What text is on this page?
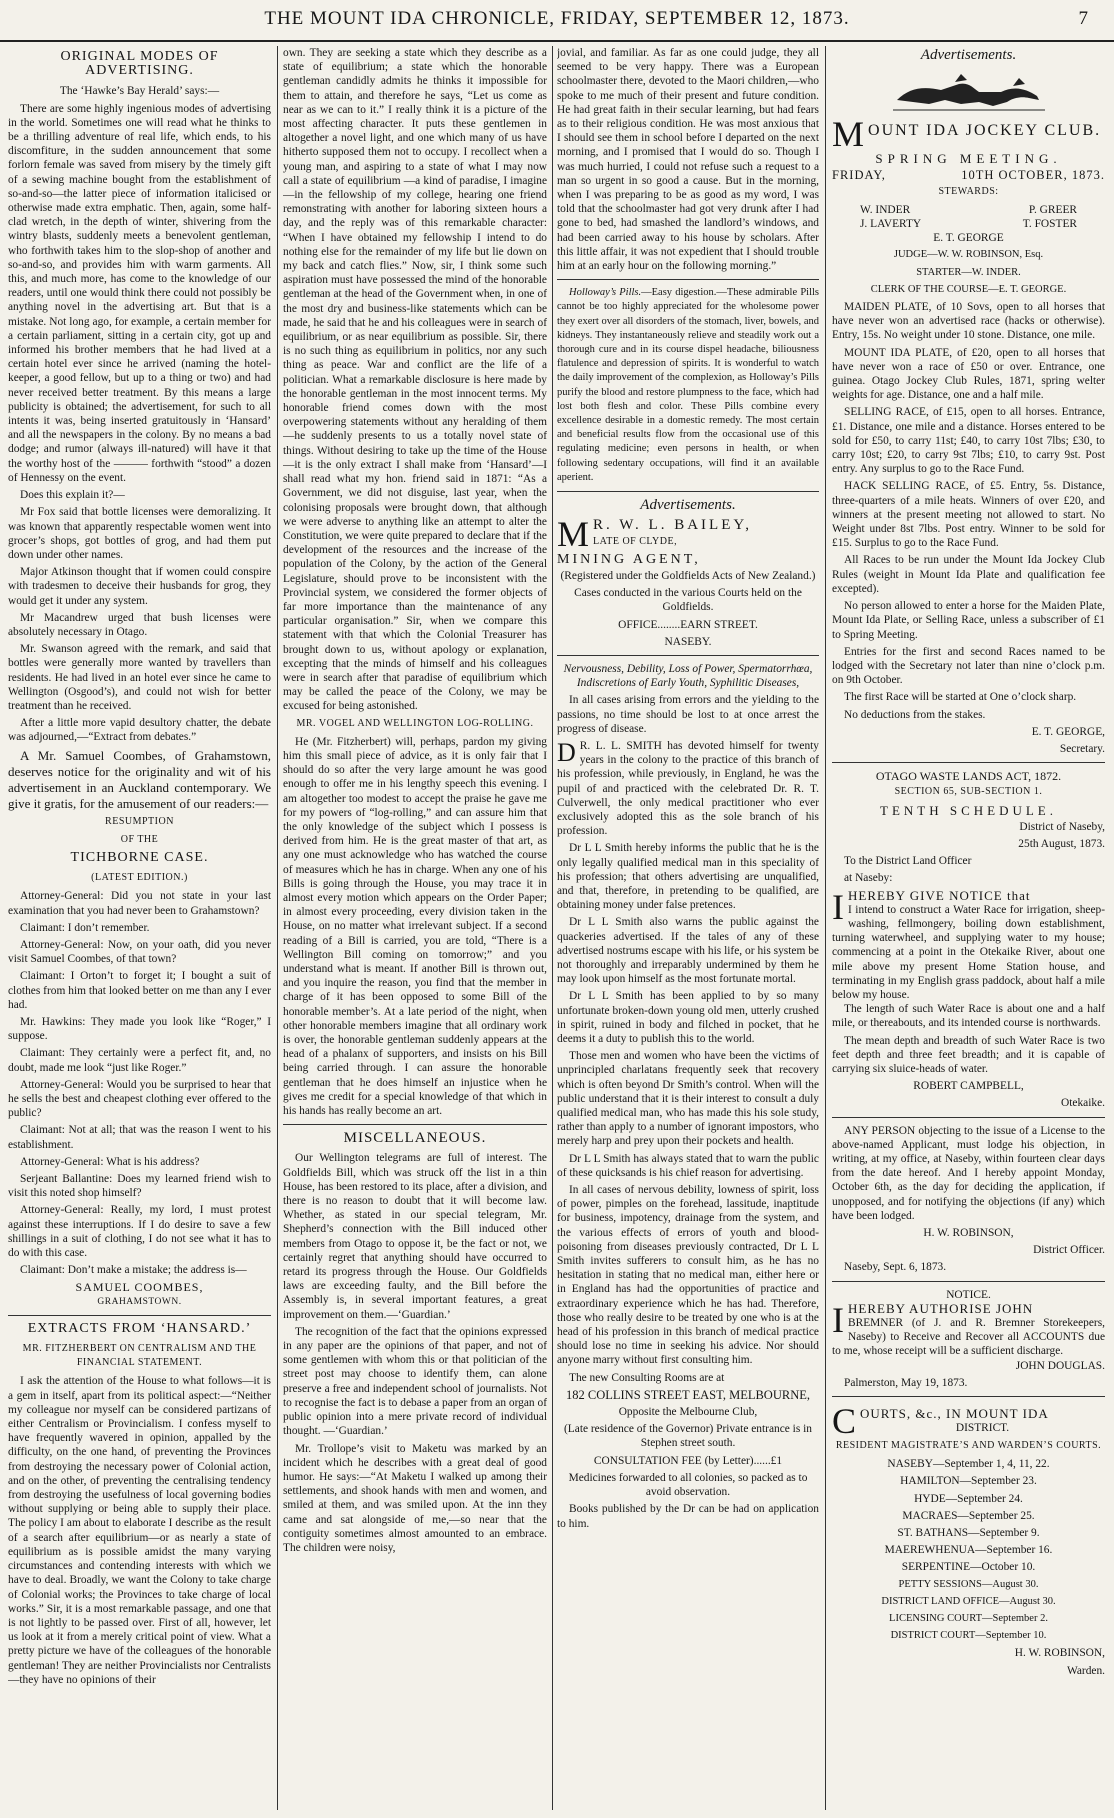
THE MOUNT IDA CHRONICLE, FRIDAY, SEPTEMBER 12, 1873.	7
ORIGINAL MODES OF ADVERTISING.

The ‘Hawke’s Bay Herald’ says:—

There are some highly ingenious modes of advertising in the world. Sometimes one will read what he thinks to be a thrilling adventure of real life, which ends, to his discomfiture, in the sudden announcement that some forlorn female was saved from misery by the timely gift of a sewing machine bought from the establishment of so-and-so—the latter piece of information italicised or otherwise made extra emphatic. Then, again, some half-clad wretch, in the depth of winter, shivering from the wintry blasts, suddenly meets a benevolent gentleman, who forthwith takes him to the slop-shop of another and so-and-so, and provides him with warm garments. All this, and much more, has come to the knowledge of our readers, until one would think there could not possibly be anything novel in the advertising art. But that is a mistake. Not long ago, for example, a certain member for a certain parliament, sitting in a certain city, got up and informed his brother members that he had lived at a certain hotel ever since he arrived (naming the hotel-keeper, a good fellow, but up to a thing or two) and had never received better treatment. By this means a large publicity is obtained; the advertisement, for such to all intents it was, being inserted gratuitously in ‘Hansard’ and all the newspapers in the colony. By no means a bad dodge; and rumor (always ill-natured) will have it that the worthy host of the ——— forthwith “stood” a dozen of Hennessy on the event.

Does this explain it?—

Mr Fox said that bottle licenses were demoralizing. It was known that apparently respectable women went into grocer’s shops, got bottles of grog, and had them put down under other names.

Major Atkinson thought that if women could conspire with tradesmen to deceive their husbands for grog, they would get it under any system.

Mr Macandrew urged that bush licenses were absolutely necessary in Otago.

Mr. Swanson agreed with the remark, and said that bottles were generally more wanted by travellers than residents. He had lived in an hotel ever since he came to Wellington (Osgood’s), and could not wish for better treatment than he received.

After a little more vapid desultory chatter, the debate was adjourned,—“Extract from debates.”

A Mr. Samuel Coombes, of Grahamstown, deserves notice for the originality and wit of his advertisement in an Auckland contemporary. We give it gratis, for the amusement of our readers:—

RESUMPTION
OF THE
TICHBORNE CASE.
(LATEST EDITION.)

Attorney-General: Did you not state in your last examination that you had never been to Grahamstown?

Claimant: I don’t remember.

Attorney-General: Now, on your oath, did you never visit Samuel Coombes, of that town?

Claimant: I Orton’t to forget it; I bought a suit of clothes from him that looked better on me than any I ever had.

Mr. Hawkins: They made you look like “Roger,” I suppose.

Claimant: They certainly were a perfect fit, and, no doubt, made me look “just like Roger.”

Attorney-General: Would you be surprised to hear that he sells the best and cheapest clothing ever offered to the public?

Claimant: Not at all; that was the reason I went to his establishment.

Attorney-General: What is his address?

Serjeant Ballantine: Does my learned friend wish to visit this noted shop himself?

Attorney-General: Really, my lord, I must protest against these interruptions. If I do desire to save a few shillings in a suit of clothing, I do not see what it has to do with this case.

Claimant: Don’t make a mistake; the address is—

SAMUEL COOMBES,
GRAHAMSTOWN.
EXTRACTS FROM ‘HANSARD.’
MR. FITZHERBERT ON CENTRALISM AND THE FINANCIAL STATEMENT.

I ask the attention of the House to what follows—it is a gem in itself, apart from its political aspect:—“Neither my colleague nor myself can be considered partizans of either Centralism or Provincialism. I confess myself to have frequently wavered in opinion, appalled by the difficulty, on the one hand, of preventing the Provinces from destroying the necessary power of Colonial action, and on the other, of preventing the centralising tendency from destroying the usefulness of local governing bodies without supplying or being able to supply their place. The policy I am about to elaborate I describe as the result of a search after equilibrium—or as nearly a state of equilibrium as is possible amidst the many varying circumstances and contending interests with which we have to deal. Broadly, we want the Colony to take charge of Colonial works; the Provinces to take charge of local works.” Sir, it is a most remarkable passage, and one that is not lightly to be passed over. First of all, however, let us look at it from a merely critical point of view. What a pretty picture we have of the colleagues of the honorable gentleman! They are neither Provincialists nor Centralists—they have no opinions of their

own. They are seeking a state which they describe as a state of equilibrium; a state which the honorable gentleman candidly admits he thinks it impossible for them to attain, and therefore he says, “Let us come as near as we can to it.” I really think it is a picture of the most affecting character. It puts these gentlemen in altogether a novel light, and one which many of us have hitherto supposed them not to occupy. I recollect when a young man, and aspiring to a state of what I may now call a state of equilibrium —a kind of paradise, I imagine—in the fellowship of my college, hearing one friend remonstrating with another for laboring sixteen hours a day, and the reply was of this remarkable character: “When I have obtained my fellowship I intend to do nothing else for the remainder of my life but lie down on my back and catch flies.” Now, sir, I think some such aspiration must have possessed the mind of the honorable gentleman at the head of the Government when, in one of the most dry and business-like statements which can be made, he said that he and his colleagues were in search of equilibrium, or as near equilibrium as possible. Sir, there is no such thing as equilibrium in politics, nor any such thing as peace. War and conflict are the life of a politician. What a remarkable disclosure is here made by the honorable gentleman in the most innocent terms. My honorable friend comes down with the most overpowering statements without any heralding of them—he suddenly presents to us a totally novel state of things. Without desiring to take up the time of the House—it is the only extract I shall make from ‘Hansard’—I shall read what my hon. friend said in 1871: “As a Government, we did not disguise, last year, when the colonising proposals were brought down, that although we were adverse to anything like an attempt to alter the Constitution, we were quite prepared to declare that if the development of the resources and the increase of the population of the Colony, by the action of the General Legislature, should prove to be inconsistent with the Provincial system, we considered the former objects of far more importance than the maintenance of any particular organisation.” Sir, when we compare this statement with that which the Colonial Treasurer has brought down to us, without apology or explanation, excepting that the minds of himself and his colleagues were in search after that paradise of equilibrium which may be called the peace of the Colony, we may be excused for being astonished.

MR. VOGEL AND WELLINGTON LOG-ROLLING.

He (Mr. Fitzherbert) will, perhaps, pardon my giving him this small piece of advice, as it is only fair that I should do so after the very large amount he was good enough to offer me in his lengthy speech this evening. I am altogether too modest to accept the praise he gave me for my powers of “log-rolling,” and can assure him that the only knowledge of the subject which I possess is derived from him. He is the great master of that art, as any one must acknowledge who has watched the course of measures which he has in charge. When any one of his Bills is going through the House, you may trace it in almost every motion which appears on the Order Paper; in almost every proceeding, every division taken in the House, on no matter what irrelevant subject. If a second reading of a Bill is carried, you are told, “There is a Wellington Bill coming on tomorrow;” and you understand what is meant. If another Bill is thrown out, and you inquire the reason, you find that the member in charge of it has been opposed to some Bill of the honorable member’s. At a late period of the night, when other honorable members imagine that all ordinary work is over, the honorable gentleman suddenly appears at the head of a phalanx of supporters, and insists on his Bill being carried through. I can assure the honorable gentleman that he does himself an injustice when he gives me credit for a special knowledge of that which in his hands has really become an art.

MISCELLANEOUS.

Our Wellington telegrams are full of interest. The Goldfields Bill, which was struck off the list in a thin House, has been restored to its place, after a division, and there is no reason to doubt that it will become law. Whether, as stated in our special telegram, Mr. Shepherd’s connection with the Bill induced other members from Otago to oppose it, be the fact or not, we certainly regret that anything should have occurred to retard its progress through the House. Our Goldfields laws are exceeding faulty, and the Bill before the Assembly is, in several important features, a great improvement on them.—‘Guardian.’

The recognition of the fact that the opinions expressed in any paper are the opinions of that paper, and not of some gentlemen with whom this or that politician of the street post may choose to identify them, can alone preserve a free and independent school of journalists. Not to recognise the fact is to debase a paper from an organ of public opinion into a mere private record of individual thought. —‘Guardian.’

Mr. Trollope’s visit to Maketu was marked by an incident which he describes with a great deal of good humor. He says:—“At Maketu I walked up among their settlements, and shook hands with men and women, and smiled at them, and was smiled upon. At the inn they came and sat alongside of me,—so near that the contiguity sometimes almost amounted to an embrace. The children were noisy,

jovial, and familiar. As far as one could judge, they all seemed to be very happy. There was a European schoolmaster there, devoted to the Maori children,—who spoke to me much of their present and future condition. He had great faith in their secular learning, but had fears as to their religious condition. He was most anxious that I should see them in school before I departed on the next morning, and I promised that I would do so. Though I was much hurried, I could not refuse such a request to a man so urgent in so good a cause. But in the morning, when I was preparing to be as good as my word, I was told that the schoolmaster had got very drunk after I had gone to bed, had smashed the landlord’s windows, and had been carried away to his house by scholars. After this little affair, it was not expedient that I should trouble him at an early hour on the following morning.”

Holloway’s Pills.—Easy digestion.—These admirable Pills cannot be too highly appreciated for the wholesome power they exert over all disorders of the stomach, liver, bowels, and kidneys. They instantaneously relieve and steadily work out a thorough cure and in its course dispel headache, biliousness flatulence and depression of spirits. It is wonderful to watch the daily improvement of the complexion, as Holloway’s Pills purify the blood and restore plumpness to the face, which had lost both flesh and color. These Pills combine every excellence desirable in a domestic remedy. The most certain and beneficial results flow from the occasional use of this regulating medicine; even persons in health, or when following sedentary occupations, will find it an available aperient.

Advertisements.
M R. W. L. BAILEY,
LATE OF CLYDE,
MINING AGENT,

(Registered under the Goldfields Acts of New Zealand.)

Cases conducted in the various Courts held on the Goldfields.

OFFICE........EARN STREET.

NASEBY.

Nervousness, Debility, Loss of Power, Spermatorrhœa, Indiscretions of Early Youth, Syphilitic Diseases,

In all cases arising from errors and the yielding to the passions, no time should be lost to at once arrest the progress of disease.

D R. L. L. SMITH has devoted himself for twenty years in the colony to the practice of this branch of his profession, while previously, in England, he was the pupil of and practiced with the celebrated Dr. R. T. Culverwell, the only medical practitioner who ever exclusively adopted this as the sole branch of his profession.

Dr L L Smith hereby informs the public that he is the only legally qualified medical man in this speciality of his profession; that others advertising are unqualified, and that, therefore, in pretending to be qualified, are obtaining money under false pretences.

Dr L L Smith also warns the public against the quackeries advertised. If the tales of any of these advertised nostrums escape with his life, or his system be not thoroughly and irreparably undermined by them he may look upon himself as the most fortunate mortal.

Dr L L Smith has been applied to by so many unfortunate broken-down young old men, utterly crushed in spirit, ruined in body and filched in pocket, that he deems it a duty to publish this to the world.

Those men and women who have been the victims of unprincipled charlatans frequently seek that recovery which is often beyond Dr Smith’s control. When will the public understand that it is their interest to consult a duly qualified medical man, who has made this his sole study, rather than apply to a number of ignorant impostors, who merely harp and prey upon their pockets and health.

Dr L L Smith has always stated that to warn the public of these quicksands is his chief reason for advertising.

In all cases of nervous debility, lowness of spirit, loss of power, pimples on the forehead, lassitude, inaptitude for business, impotency, drainage from the system, and the various effects of errors of youth and blood-poisoning from diseases previously contracted, Dr L L Smith invites sufferers to consult him, as he has no hesitation in stating that no medical man, either here or in England has had the opportunities of practice and extraordinary experience which he has had. Therefore, those who really desire to be treated by one who is at the head of his profession in this branch of medical practice should lose no time in seeking his advice. Nor should anyone marry without first consulting him.

The new Consulting Rooms are at

182 COLLINS STREET EAST, MELBOURNE,

Opposite the Melbourne Club,

(Late residence of the Governor) Private entrance is in Stephen street south.

CONSULTATION FEE (by Letter)......£1

Medicines forwarded to all colonies, so packed as to avoid observation.

Books published by the Dr can be had on application to him.

Advertisements.
M OUNT IDA JOCKEY CLUB.
SPRING MEETING.
FRIDAY,	10TH OCTOBER, 1873.
STEWARDS:
W. INDER	P. GREER
J. LAVERTY	T. FOSTER

E. T. GEORGE

JUDGE—W. W. ROBINSON, Esq.

STARTER—W. INDER.

CLERK OF THE COURSE—E. T. GEORGE.

MAIDEN PLATE, of 10 Sovs, open to all horses that have never won an advertised race (hacks or otherwise). Entry, 15s. No weight under 10 stone. Distance, one mile.

MOUNT IDA PLATE, of £20, open to all horses that have never won a race of £50 or over. Entrance, one guinea. Otago Jockey Club Rules, 1871, spring welter weights for age. Distance, one and a half mile.

SELLING RACE, of £15, open to all horses. Entrance, £1. Distance, one mile and a distance. Horses entered to be sold for £50, to carry 11st; £40, to carry 10st 7lbs; £30, to carry 10st; £20, to carry 9st 7lbs; £10, to carry 9st. Post entry. Any surplus to go to the Race Fund.

HACK SELLING RACE, of £5. Entry, 5s. Distance, three-quarters of a mile heats. Winners of over £20, and winners at the present meeting not allowed to start. No Weight under 8st 7lbs. Post entry. Winner to be sold for £15. Surplus to go to the Race Fund.

All Races to be run under the Mount Ida Jockey Club Rules (weight in Mount Ida Plate and qualification fee excepted).

No person allowed to enter a horse for the Maiden Plate, Mount Ida Plate, or Selling Race, unless a subscriber of £1 to Spring Meeting.

Entries for the first and second Races named to be lodged with the Secretary not later than nine o’clock p.m. on 9th October.

The first Race will be started at One o’clock sharp.

No deductions from the stakes.

E. T. GEORGE,

Secretary.

OTAGO WASTE LANDS ACT, 1872.
SECTION 65, SUB-SECTION 1.
TENTH SCHEDULE.

District of Naseby,

25th August, 1873.

To the District Land Officer

at Naseby:

I HEREBY GIVE NOTICE that
I intend to construct a Water Race for irrigation, sheep-washing, fellmongery, boiling down establishment, turning waterwheel, and supplying water to my house; commencing at a point in the Otekaike River, about one mile above my present Home Station house, and terminating in my English grass paddock, about half a mile below my house.

The length of such Water Race is about one and a half mile, or thereabouts, and its intended course is northwards.

The mean depth and breadth of such Water Race is two feet depth and three feet breadth; and it is capable of carrying six sluice-heads of water.

ROBERT CAMPBELL,

Otekaike.

ANY PERSON objecting to the issue of a License to the above-named Applicant, must lodge his objection, in writing, at my office, at Naseby, within fourteen clear days from the date hereof. And I hereby appoint Monday, October 6th, as the day for deciding the application, if unopposed, and for notifying the objections (if any) which have been lodged.

H. W. ROBINSON,

District Officer.

Naseby, Sept. 6, 1873.

NOTICE.
I HEREBY AUTHORISE JOHN
BREMNER (of J. and R. Bremner Storekeepers, Naseby) to Receive and Recover all ACCOUNTS due to me, whose receipt will be a sufficient discharge.

JOHN DOUGLAS.

Palmerston, May 19, 1873.

C OURTS, &c., IN MOUNT IDA
DISTRICT.
RESIDENT MAGISTRATE’S AND WARDEN’S COURTS.

NASEBY—September 1, 4, 11, 22.

HAMILTON—September 23.

HYDE—September 24.

MACRAES—September 25.

ST. BATHANS—September 9.

MAEREWHENUA—September 16.

SERPENTINE—October 10.

PETTY SESSIONS—August 30.

DISTRICT LAND OFFICE—August 30.

LICENSING COURT—September 2.

DISTRICT COURT—September 10.

H. W. ROBINSON,

Warden.
